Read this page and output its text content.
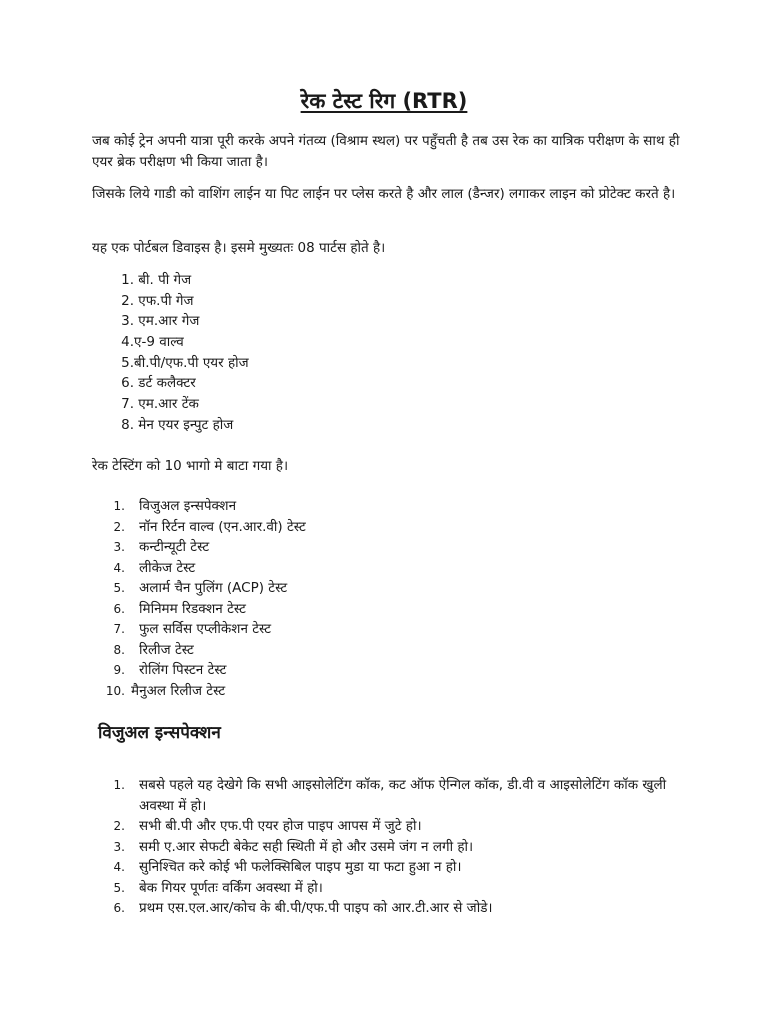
रेक टेस्ट रिग (RTR)

जब कोई ट्रेन अपनी यात्रा पूरी करके अपने गंतव्य (विश्राम स्थल) पर पहुँचती है तब उस रेक का यात्रिक परीक्षण के साथ ही एयर ब्रेक परीक्षण भी किया जाता है।

जिसके लिये गाडी को वाशिंग लाईन या पिट लाईन पर प्लेस करते है और लाल (डैन्जर) लगाकर लाइन को प्रोटेक्ट करते है।

यह एक पोर्टबल डिवाइस है। इसमे मुख्यतः 08 पार्टस होते है।

1. बी. पी गेज
2. एफ.पी गेज
3. एम.आर गेज
4.ए-9 वाल्व
5.बी.पी/एफ.पी एयर होज
6. डर्ट कलैक्टर
7. एम.आर टेंक
8. मेन एयर इन्पुट होज

रेक टेस्टिंग को 10 भागो मे बाटा गया है।

1. विजुअल इन्सपेक्शन
2. नॉन रिर्टन वाल्व (एन.आर.वी) टेस्ट
3. कन्टीन्यूटी टेस्ट
4. लीकेज टेस्ट
5. अलार्म चैन पुलिंग (ACP) टेस्ट
6. मिनिमम रिडक्शन टेस्ट
7. फुल सर्विस एप्लीकेशन टेस्ट
8. रिलीज टेस्ट
9. रोलिंग पिस्टन टेस्ट
10. मैनुअल रिलीज टेस्ट
विजुअल इन्सपेक्शन
1.	सबसे पहले यह देखेगे कि सभी आइसोलेटिंग कॉक, कट ऑफ ऐन्गिल कॉक, डी.वी व आइसोलेटिंग कॉक खुली अवस्था में हो।
2.	सभी बी.पी और एफ.पी एयर होज पाइप आपस में जुटे हो।
3.	समी ए.आर सेफटी बेकेट सही स्थिती में हो और उसमे जंग न लगी हो।
4.	सुनिश्चित करे कोई भी फलेक्सिबिल पाइप मुडा या फटा हुआ न हो।
5.	बेक गियर पूर्णतः वर्किंग अवस्था में हो।
6.	प्रथम एस.एल.आर/कोच के बी.पी/एफ.पी पाइप को आर.टी.आर से जोडे।
